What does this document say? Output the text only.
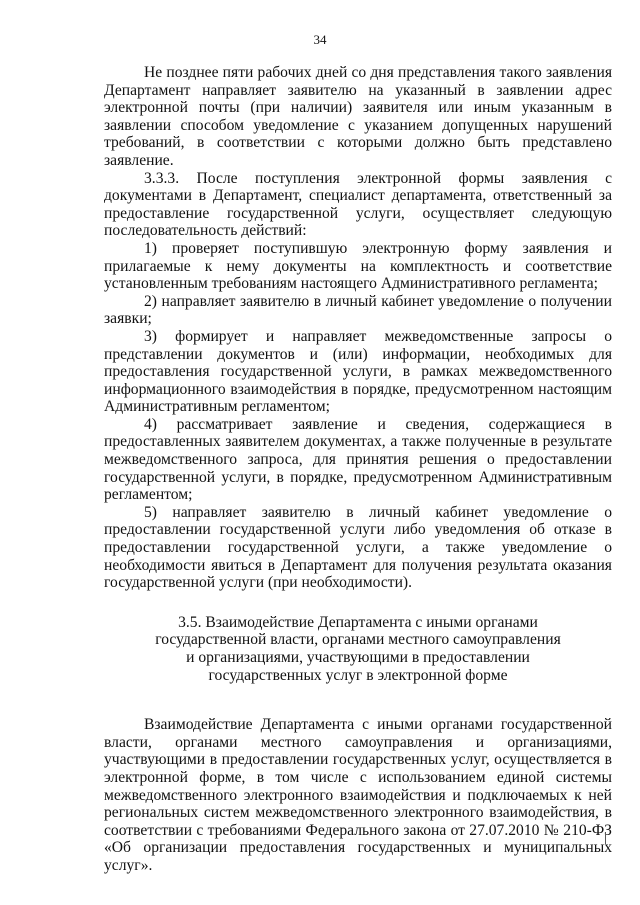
34

Не позднее пяти рабочих дней со дня представления такого заявления Департамент направляет заявителю на указанный в заявлении адрес электронной почты (при наличии) заявителя или иным указанным в заявлении способом уведомление с указанием допущенных нарушений требований, в соответствии с которыми должно быть представлено заявление.

3.3.3. После поступления электронной формы заявления с документами в Департамент, специалист департамента, ответственный за предоставление государственной услуги, осуществляет следующую последовательность действий:

1) проверяет поступившую электронную форму заявления и прилагаемые к нему документы на комплектность и соответствие установленным требованиям настоящего Административного регламента;

2) направляет заявителю в личный кабинет уведомление о получении заявки;

3) формирует и направляет межведомственные запросы о представлении документов и (или) информации, необходимых для предоставления государственной услуги, в рамках межведомственного информационного взаимодействия в порядке, предусмотренном настоящим Административным регламентом;

4) рассматривает заявление и сведения, содержащиеся в предоставленных заявителем документах, а также полученные в результате межведомственного запроса, для принятия решения о предоставлении государственной услуги, в порядке, предусмотренном Административным регламентом;

5) направляет заявителю в личный кабинет уведомление о предоставлении государственной услуги либо уведомления об отказе в предоставлении государственной услуги, а также уведомление о необходимости явиться в Департамент для получения результата оказания государственной услуги (при необходимости).

3.5. Взаимодействие Департамента с иными органами
государственной власти, органами местного самоуправления
и организациями, участвующими в предоставлении
государственных услуг в электронной форме

Взаимодействие Департамента с иными органами государственной власти, органами местного самоуправления и организациями, участвующими в предоставлении государственных услуг, осуществляется в электронной форме, в том числе с использованием единой системы межведомственного электронного взаимодействия и подключаемых к ней региональных систем межведомственного электронного взаимодействия, в соответствии с требованиями Федерального закона от 27.07.2010 № 210-ФЗ «Об организации предоставления государственных и муниципальных услуг».
